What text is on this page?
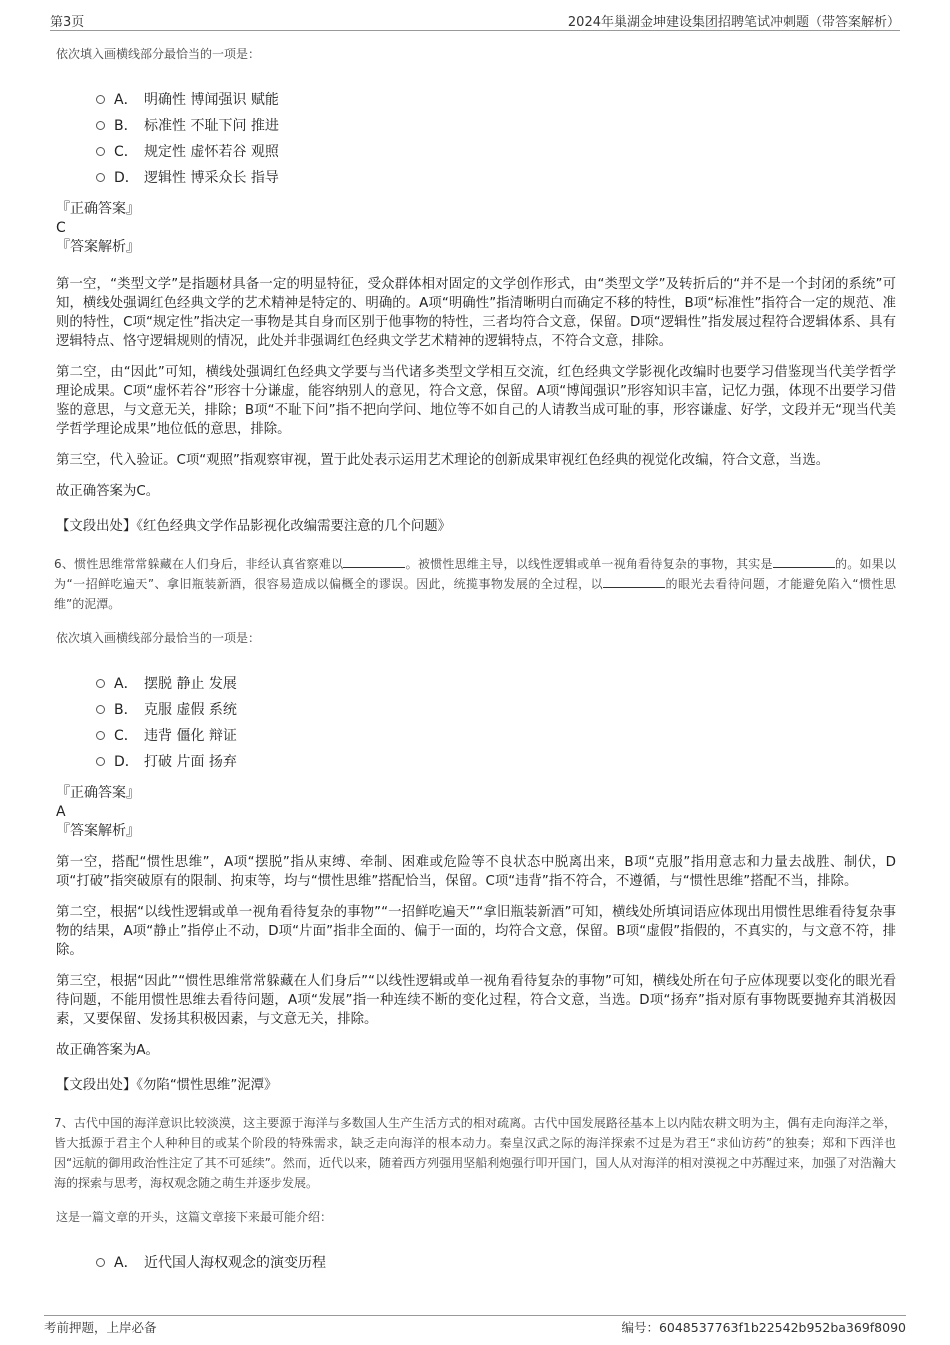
第3页	2024年巢湖金坤建设集团招聘笔试冲刺题（带答案解析）

依次填入画横线部分最恰当的一项是：

A． 明确性 博闻强识 赋能
B． 标准性 不耻下问 推进
C． 规定性 虚怀若谷 观照
D． 逻辑性 博采众长 指导

『正确答案』

C

『答案解析』

第一空，“类型文学”是指题材具备一定的明显特征，受众群体相对固定的文学创作形式，由“类型文学”及转折后的“并不是一个封闭的系统”可知，横线处强调红色经典文学的艺术精神是特定的、明确的。A项“明确性”指清晰明白而确定不移的特性，B项“标准性”指符合一定的规范、准则的特性，C项“规定性”指决定一事物是其自身而区别于他事物的特性，三者均符合文意，保留。D项“逻辑性”指发展过程符合逻辑体系、具有逻辑特点、恪守逻辑规则的情况，此处并非强调红色经典文学艺术精神的逻辑特点，不符合文意，排除。

第二空，由“因此”可知，横线处强调红色经典文学要与当代诸多类型文学相互交流，红色经典文学影视化改编时也要学习借鉴现当代美学哲学理论成果。C项“虚怀若谷”形容十分谦虚，能容纳别人的意见，符合文意，保留。A项“博闻强识”形容知识丰富，记忆力强，体现不出要学习借鉴的意思，与文意无关，排除；B项“不耻下问”指不把向学问、地位等不如自己的人请教当成可耻的事，形容谦虚、好学，文段并无“现当代美学哲学理论成果”地位低的意思，排除。

第三空，代入验证。C项“观照”指观察审视，置于此处表示运用艺术理论的创新成果审视红色经典的视觉化改编，符合文意，当选。

故正确答案为C。

【文段出处】《红色经典文学作品影视化改编需要注意的几个问题》

6、惯性思维常常躲藏在人们身后，非经认真省察难以	。被惯性思维主导，以线性逻辑或单一视角看待复杂的事物，其实是	的。如果以为“一招鲜吃遍天”、拿旧瓶装新酒，很容易造成以偏概全的谬误。因此，统揽事物发展的全过程，以	的眼光去看待问题，才能避免陷入“惯性思维”的泥潭。

依次填入画横线部分最恰当的一项是：

A． 摆脱 静止 发展
B． 克服 虚假 系统
C． 违背 僵化 辩证
D． 打破 片面 扬弃

『正确答案』

A

『答案解析』

第一空，搭配“惯性思维”，A项“摆脱”指从束缚、牵制、困难或危险等不良状态中脱离出来，B项“克服”指用意志和力量去战胜、制伏，D项“打破”指突破原有的限制、拘束等，均与“惯性思维”搭配恰当，保留。C项“违背”指不符合，不遵循，与“惯性思维”搭配不当，排除。

第二空，根据“以线性逻辑或单一视角看待复杂的事物”“一招鲜吃遍天”“拿旧瓶装新酒”可知，横线处所填词语应体现出用惯性思维看待复杂事物的结果，A项“静止”指停止不动，D项“片面”指非全面的、偏于一面的，均符合文意，保留。B项“虚假”指假的，不真实的，与文意不符，排除。

第三空，根据“因此”“惯性思维常常躲藏在人们身后”“以线性逻辑或单一视角看待复杂的事物”可知，横线处所在句子应体现要以变化的眼光看待问题，不能用惯性思维去看待问题，A项“发展”指一种连续不断的变化过程，符合文意，当选。D项“扬弃”指对原有事物既要抛弃其消极因素，又要保留、发扬其积极因素，与文意无关，排除。

故正确答案为A。

【文段出处】《勿陷“惯性思维”泥潭》

7、古代中国的海洋意识比较淡漠，这主要源于海洋与多数国人生产生活方式的相对疏离。古代中国发展路径基本上以内陆农耕文明为主，偶有走向海洋之举，皆大抵源于君主个人种种目的或某个阶段的特殊需求，缺乏走向海洋的根本动力。秦皇汉武之际的海洋探索不过是为君王“求仙访药”的独奏；郑和下西洋也因“远航的御用政治性注定了其不可延续”。然而，近代以来，随着西方列强用坚船利炮强行叩开国门，国人从对海洋的相对漠视之中苏醒过来，加强了对浩瀚大海的探索与思考，海权观念随之萌生并逐步发展。

这是一篇文章的开头，这篇文章接下来最可能介绍：

A． 近代国人海权观念的演变历程
考前押题，上岸必备	编号：6048537763f1b22542b952ba369f8090
